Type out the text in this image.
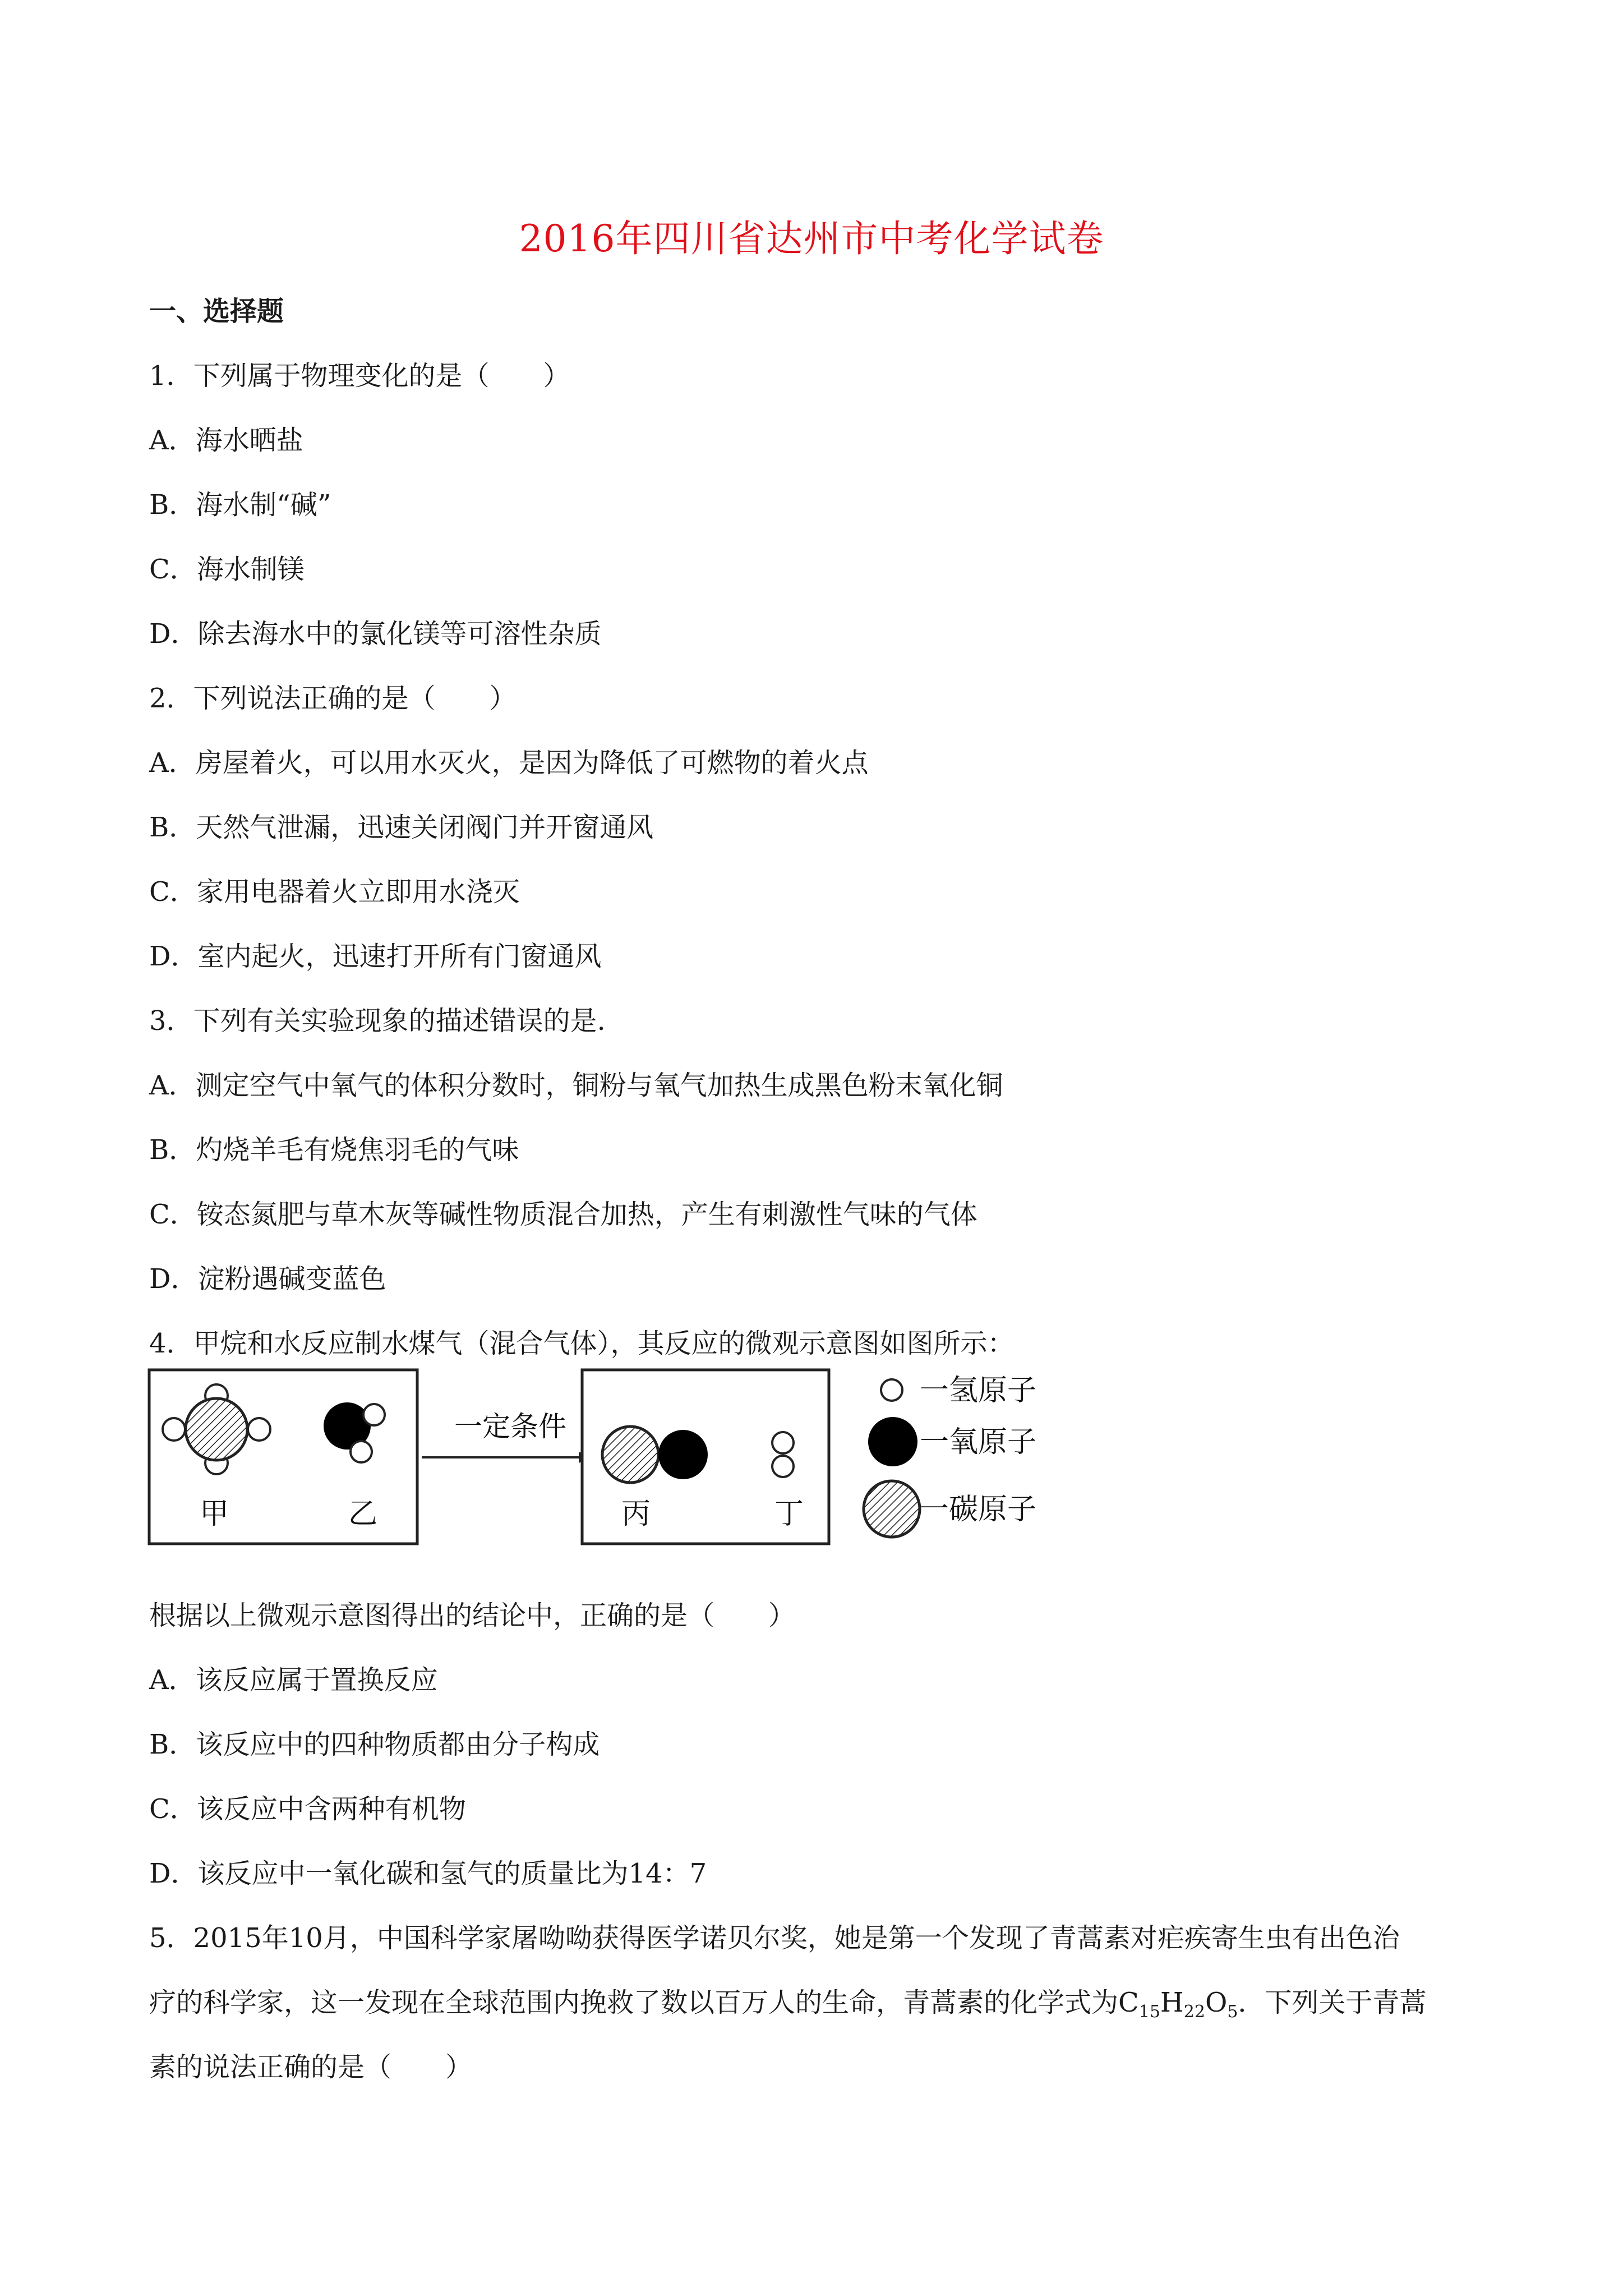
2016年四川省达州市中考化学试卷
一、选择题
1．下列属于物理变化的是（　　）
A．海水晒盐
B．海水制“碱”
C．海水制镁
D．除去海水中的氯化镁等可溶性杂质
2．下列说法正确的是（　　）
A．房屋着火，可以用水灭火，是因为降低了可燃物的着火点
B．天然气泄漏，迅速关闭阀门并开窗通风
C．家用电器着火立即用水浇灭
D．室内起火，迅速打开所有门窗通风
3．下列有关实验现象的描述错误的是.
A．测定空气中氧气的体积分数时，铜粉与氧气加热生成黑色粉末氧化铜
B．灼烧羊毛有烧焦羽毛的气味
C．铵态氮肥与草木灰等碱性物质混合加热，产生有刺激性气味的气体
D．淀粉遇碱变蓝色
4．甲烷和水反应制水煤气（混合气体），其反应的微观示意图如图所示：
甲	乙
一定条件
丙	丁
一氢原子
一氧原子
一碳原子
根据以上微观示意图得出的结论中，正确的是（　　）
A．该反应属于置换反应
B．该反应中的四种物质都由分子构成
C．该反应中含两种有机物
D．该反应中一氧化碳和氢气的质量比为14：7
5．2015年10月，中国科学家屠呦呦获得医学诺贝尔奖，她是第一个发现了青蒿素对疟疾寄生虫有出色治
疗的科学家，这一发现在全球范围内挽救了数以百万人的生命，青蒿素的化学式为$C_{15}H_{22}O_5$．下列关于青蒿
素的说法正确的是（　　）
